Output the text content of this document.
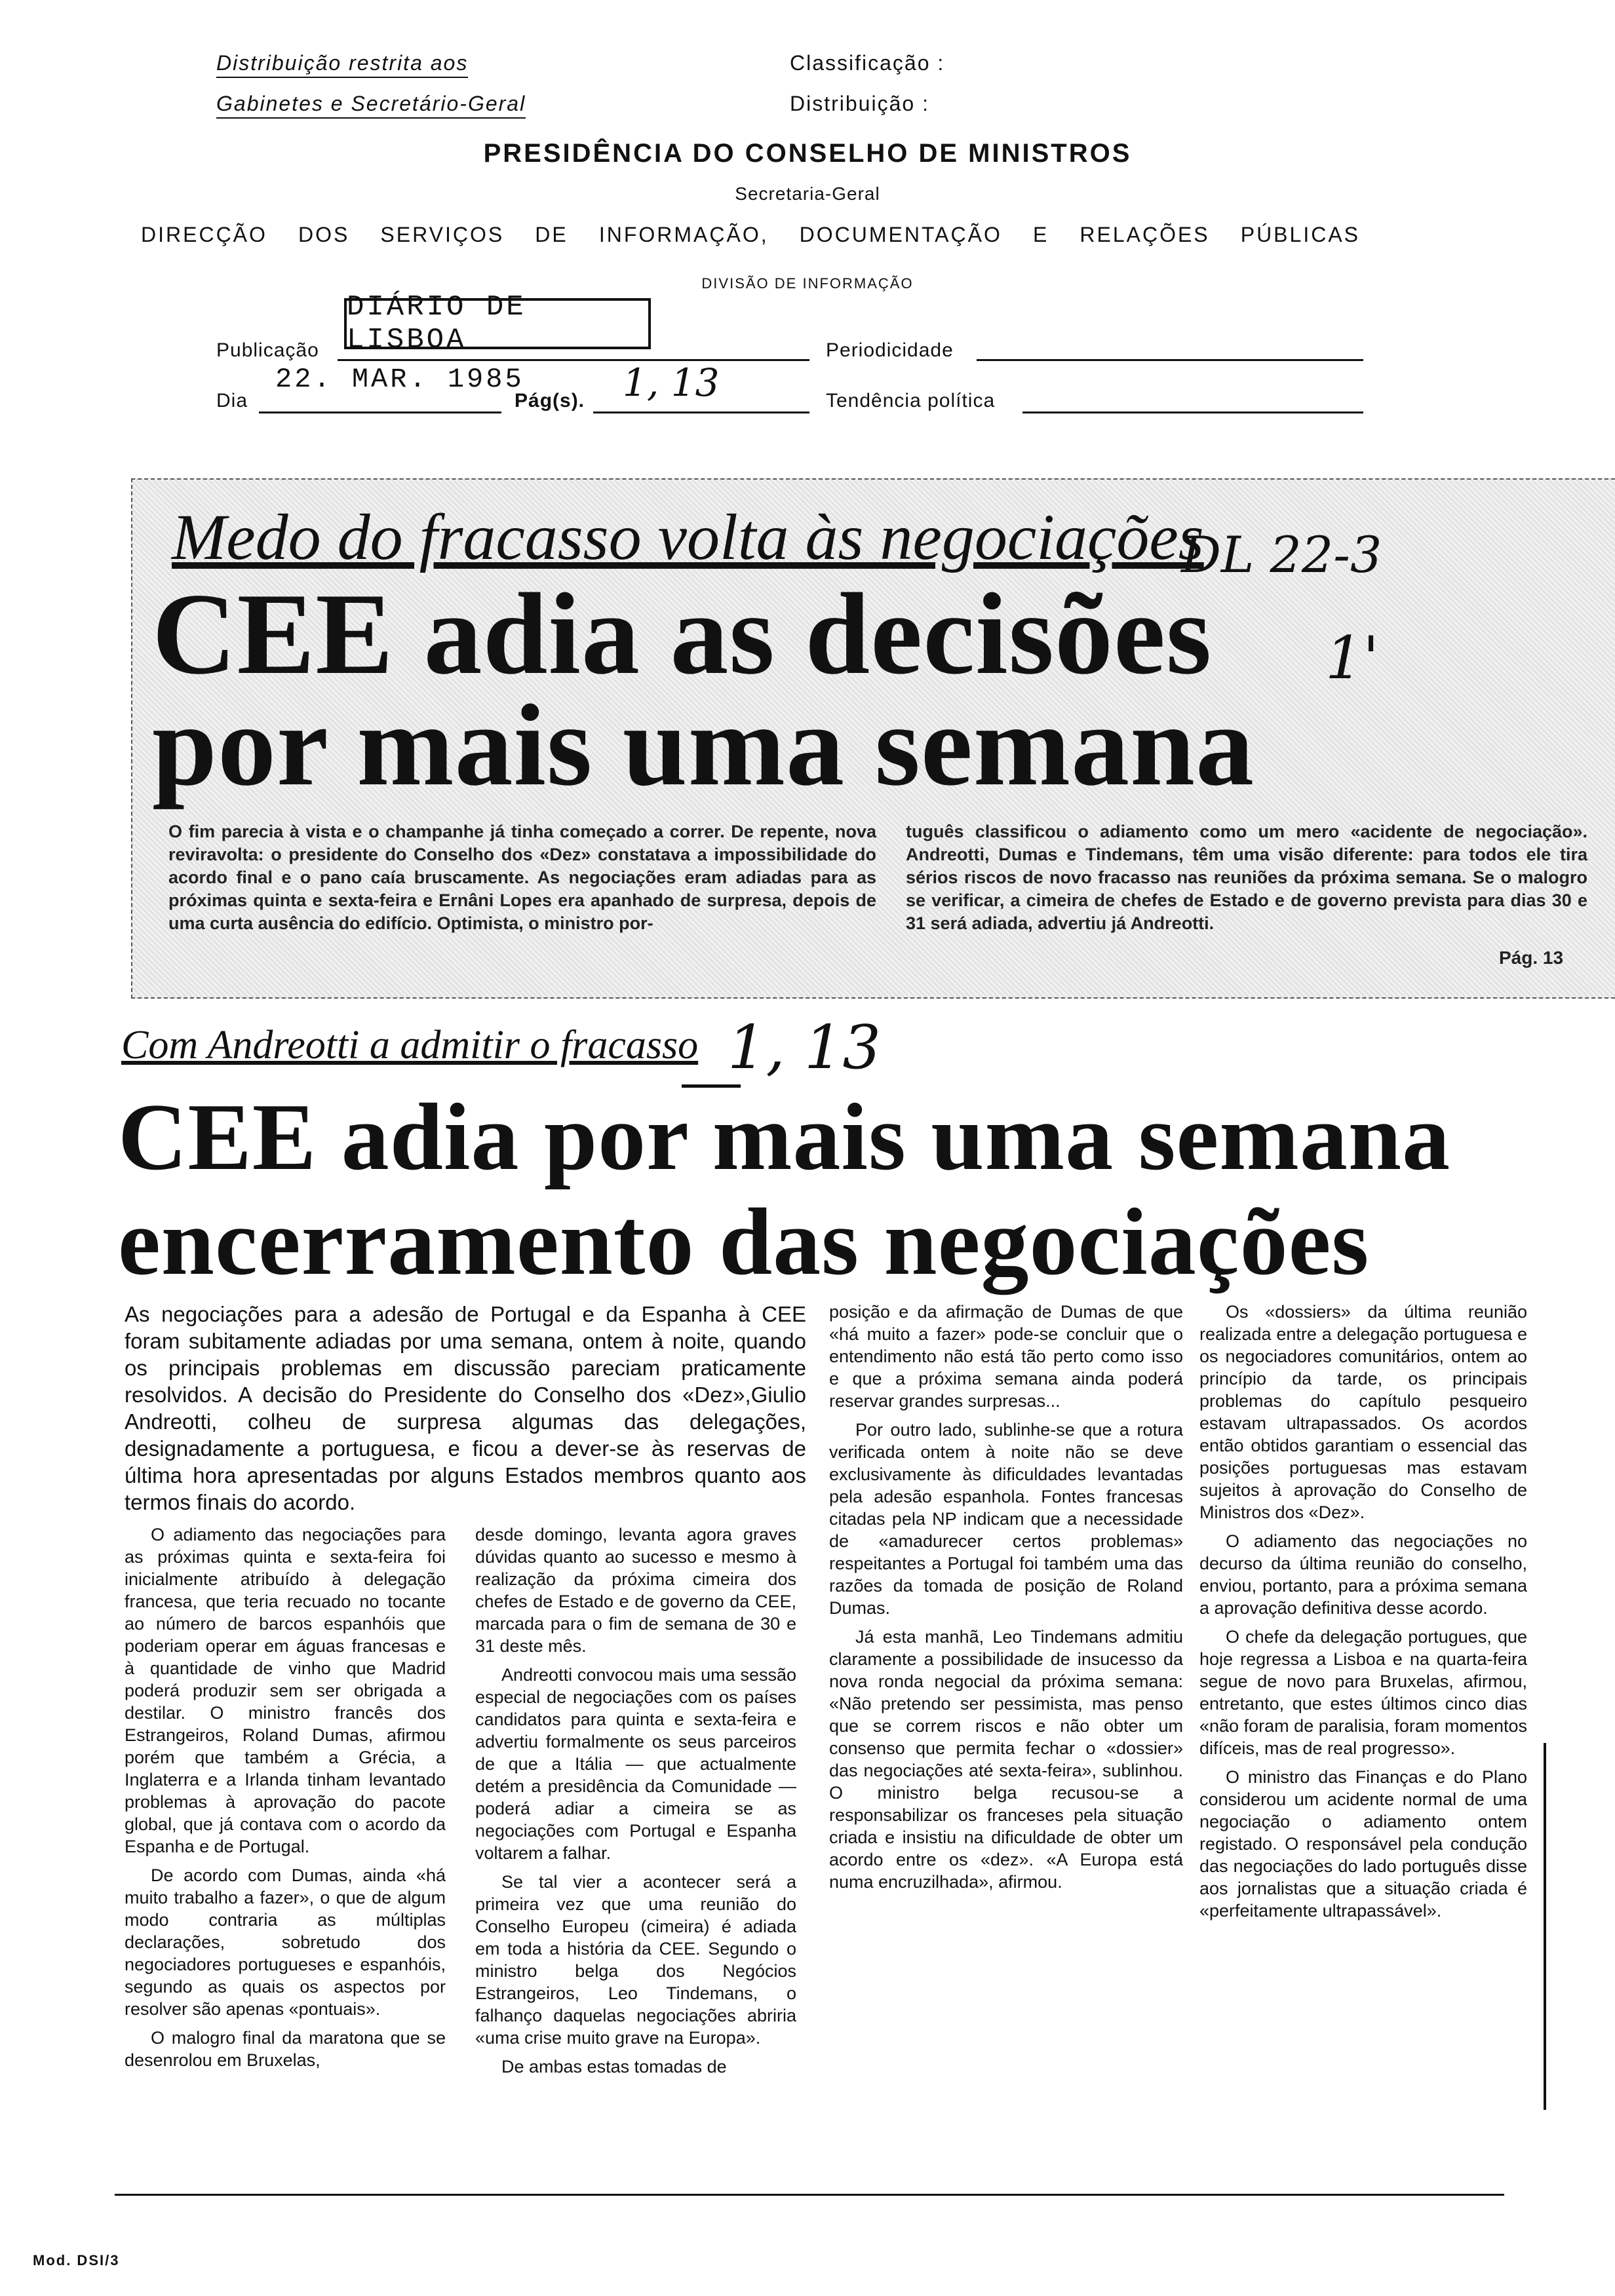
Distribuição restrita aos
Gabinetes e Secretário-Geral
Classificação :
Distribuição :
PRESIDÊNCIA DO CONSELHO DE MINISTROS
Secretaria-Geral
DIRECÇÃO DOS SERVIÇOS DE INFORMAÇÃO, DOCUMENTAÇÃO E RELAÇÕES PÚBLICAS
DIVISÃO DE INFORMAÇÃO
Publicação
DIÁRIO DE LISBOA	Periodicidade
Dia
22. MAR. 1985
Pág(s). 1, 13	Tendência política
Medo do fracasso volta às negociações
DL 22-3
CEE adia as decisões 1'
por mais uma semana
O fim parecia à vista e o champanhe já tinha começado a correr. De repente, nova reviravolta: o presidente do Conselho dos «Dez» constatava a impossibilidade do acordo final e o pano caía bruscamente. As negociações eram adiadas para as próximas quinta e sexta-feira e Ernâni Lopes era apanhado de surpresa, depois de uma curta ausência do edifício. Optimista, o ministro por-
tuguês classificou o adiamento como um mero «acidente de negociação». Andreotti, Dumas e Tindemans, têm uma visão diferente: para todos ele tira sérios riscos de novo fracasso nas reuniões da próxima semana. Se o malogro se verificar, a cimeira de chefes de Estado e de governo prevista para dias 30 e 31 será adiada, advertiu já Andreotti.
Pág. 13
Com Andreotti a admitir o fracasso 1, 13
CEE adia por mais uma semana
encerramento das negociações
As negociações para a adesão de Portugal e da Espanha à CEE foram subitamente adiadas por uma semana, ontem à noite, quando os principais problemas em discussão pareciam praticamente resolvidos. A decisão do Presidente do Conselho dos «Dez»,Giulio Andreotti, colheu de surpresa algumas das delegações, designadamente a portuguesa, e ficou a dever-se às reservas de última hora apresentadas por alguns Estados membros quanto aos termos finais do acordo.

O adiamento das negociações para as próximas quinta e sexta-feira foi inicialmente atribuído à delegação francesa, que teria recuado no tocante ao número de barcos espanhóis que poderiam operar em águas francesas e à quantidade de vinho que Madrid poderá produzir sem ser obrigada a destilar. O ministro francês dos Estrangeiros, Roland Dumas, afirmou porém que também a Grécia, a Inglaterra e a Irlanda tinham levantado problemas à aprovação do pacote global, que já contava com o acordo da Espanha e de Portugal.

De acordo com Dumas, ainda «há muito trabalho a fazer», o que de algum modo contraria as múltiplas declarações, sobretudo dos negociadores portugueses e espanhóis, segundo as quais os aspectos por resolver são apenas «pontuais».

O malogro final da maratona que se desenrolou em Bruxelas,

desde domingo, levanta agora graves dúvidas quanto ao sucesso e mesmo à realização da próxima cimeira dos chefes de Estado e de governo da CEE, marcada para o fim de semana de 30 e 31 deste mês.

Andreotti convocou mais uma sessão especial de negociações com os países candidatos para quinta e sexta-feira e advertiu formalmente os seus parceiros de que a Itália — que actualmente detém a presidência da Comunidade — poderá adiar a cimeira se as negociações com Portugal e Espanha voltarem a falhar.

Se tal vier a acontecer será a primeira vez que uma reunião do Conselho Europeu (cimeira) é adiada em toda a história da CEE. Segundo o ministro belga dos Negócios Estrangeiros, Leo Tindemans, o falhanço daquelas negociações abriria «uma crise muito grave na Europa».

De ambas estas tomadas de

posição e da afirmação de Dumas de que «há muito a fazer» pode-se concluir que o entendimento não está tão perto como isso e que a próxima semana ainda poderá reservar grandes surpresas...

Por outro lado, sublinhe-se que a rotura verificada ontem à noite não se deve exclusivamente às dificuldades levantadas pela adesão espanhola. Fontes francesas citadas pela NP indicam que a necessidade de «amadurecer certos problemas» respeitantes a Portugal foi também uma das razões da tomada de posição de Roland Dumas.

Já esta manhã, Leo Tindemans admitiu claramente a possibilidade de insucesso da nova ronda negocial da próxima semana: «Não pretendo ser pessimista, mas penso que se correm riscos e não obter um consenso que permita fechar o «dossier» das negociações até sexta-feira», sublinhou. O ministro belga recusou-se a responsabilizar os franceses pela situação criada e insistiu na dificuldade de obter um acordo entre os «dez». «A Europa está numa encruzilhada», afirmou.

Os «dossiers» da última reunião realizada entre a delegação portuguesa e os negociadores comunitários, ontem ao princípio da tarde, os principais problemas do capítulo pesqueiro estavam ultrapassados. Os acordos então obtidos garantiam o essencial das posições portuguesas mas estavam sujeitos à aprovação do Conselho de Ministros dos «Dez».

O adiamento das negociações no decurso da última reunião do conselho, enviou, portanto, para a próxima semana a aprovação definitiva desse acordo.

O chefe da delegação portugues, que hoje regressa a Lisboa e na quarta-feira segue de novo para Bruxelas, afirmou, entretanto, que estes últimos cinco dias «não foram de paralisia, foram momentos difíceis, mas de real progresso».

O ministro das Finanças e do Plano considerou um acidente normal de uma negociação o adiamento ontem registado. O responsável pela condução das negociações do lado português disse aos jornalistas que a situação criada é «perfeitamente ultrapassável».

Mod. DSI/3
